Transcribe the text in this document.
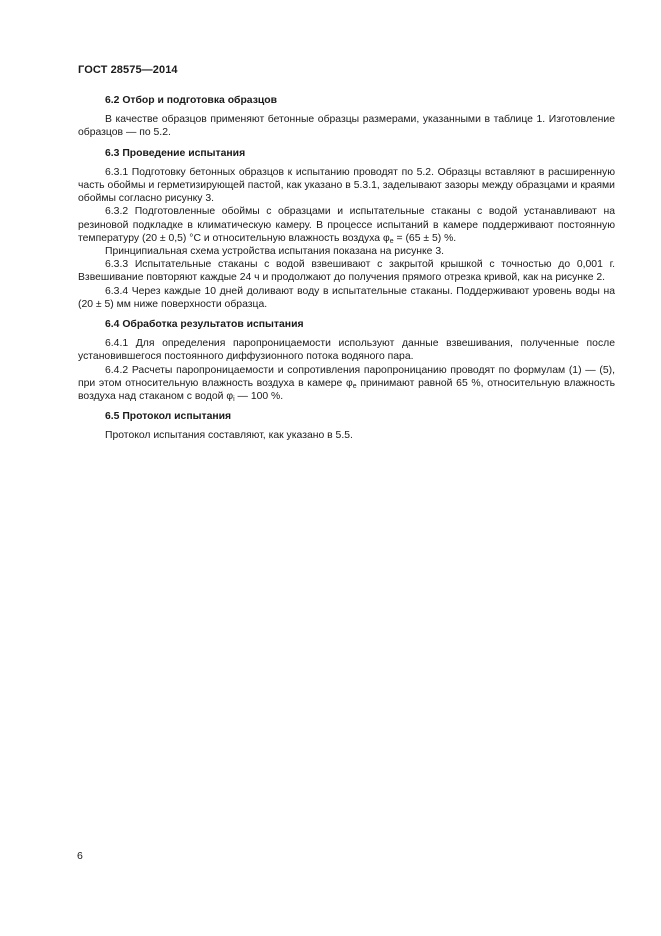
ГОСТ 28575—2014
6.2 Отбор и подготовка образцов

В качестве образцов применяют бетонные образцы размерами, указанными в таблице 1. Изготовление образцов — по 5.2.

6.3 Проведение испытания

6.3.1 Подготовку бетонных образцов к испытанию проводят по 5.2. Образцы вставляют в расширенную часть обоймы и герметизирующей пастой, как указано в 5.3.1, заделывают зазоры между образцами и краями обоймы согласно рисунку 3.

6.3.2 Подготовленные обоймы с образцами и испытательные стаканы с водой устанавливают на резиновой подкладке в климатическую камеру. В процессе испытаний в камере поддерживают постоянную температуру (20 ± 0,5) °С и относительную влажность воздуха $\varphi_e = (65 \pm 5)$ %.

Принципиальная схема устройства испытания показана на рисунке 3.

6.3.3 Испытательные стаканы с водой взвешивают с закрытой крышкой с точностью до 0,001 г. Взвешивание повторяют каждые 24 ч и продолжают до получения прямого отрезка кривой, как на рисунке 2.

6.3.4 Через каждые 10 дней доливают воду в испытательные стаканы. Поддерживают уровень воды на (20 ± 5) мм ниже поверхности образца.

6.4 Обработка результатов испытания

6.4.1 Для определения паропроницаемости используют данные взвешивания, полученные после установившегося постоянного диффузионного потока водяного пара.

6.4.2 Расчеты паропроницаемости и сопротивления паропроницанию проводят по формулам (1) — (5), при этом относительную влажность воздуха в камере $\varphi_e$ принимают равной 65 %, относительную влажность воздуха над стаканом с водой $\varphi_i$ — 100 %.

6.5 Протокол испытания

Протокол испытания составляют, как указано в 5.5.

6
